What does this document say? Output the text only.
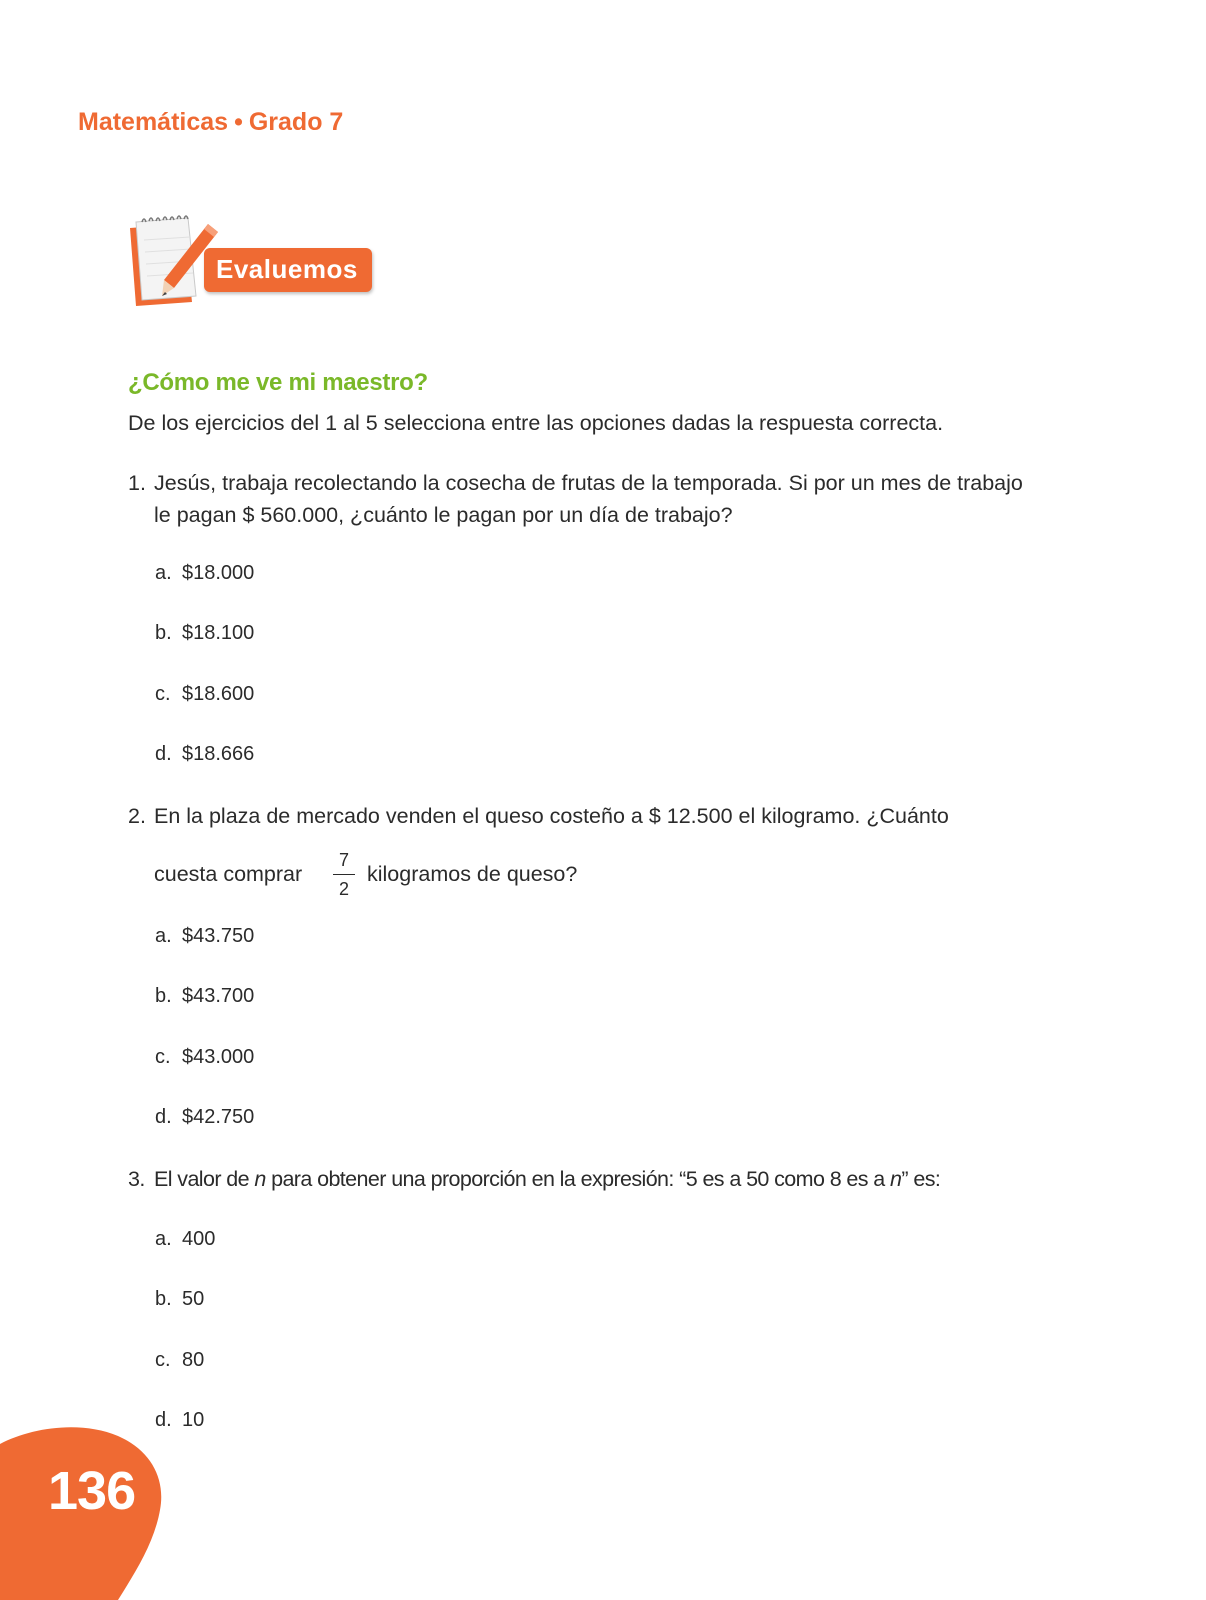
Matemáticas • Grado 7
Evaluemos
¿Cómo me ve mi maestro?
De los ejercicios del 1 al 5 selecciona entre las opciones dadas la respuesta correcta.
1. Jesús, trabaja recolectando la cosecha de frutas de la temporada. Si por un mes de trabajo le pagan $ 560.000, ¿cuánto le pagan por un día de trabajo?
a. $18.000
b. $18.100
c. $18.600
d. $18.666
2. En la plaza de mercado venden el queso costeño a $ 12.500 el kilogramo. ¿Cuánto
cuesta comprar
7
2
kilogramos de queso?
a. $43.750
b. $43.700
c. $43.000
d. $42.750
3. El valor de n para obtener una proporción en la expresión: “5 es a 50 como 8 es a n” es:
a. 400
b. 50
c. 80
d. 10
136
